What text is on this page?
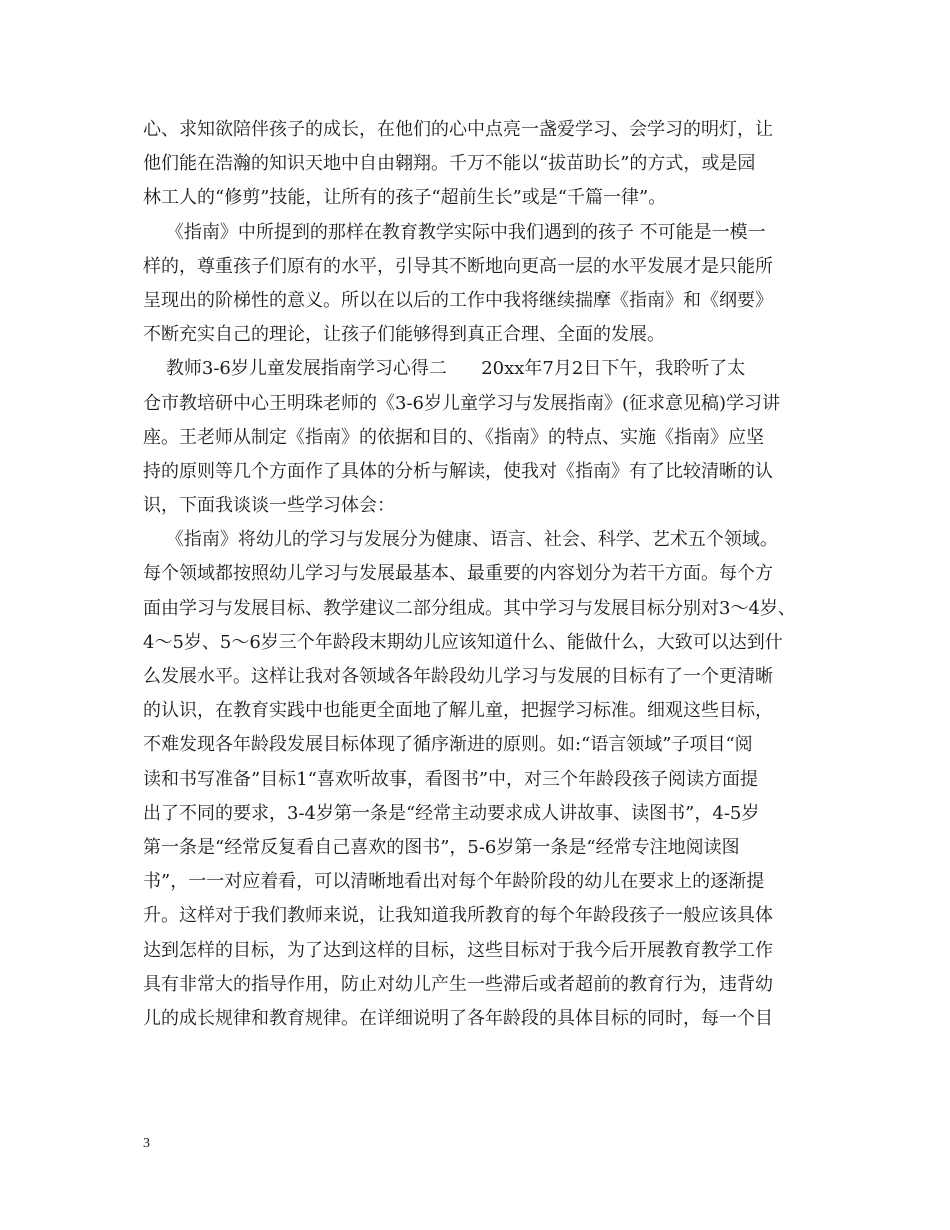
心、求知欲陪伴孩子的成长，在他们的心中点亮一盏爱学习、会学习的明灯，让

他们能在浩瀚的知识天地中自由翱翔。千万不能以“拔苗助长”的方式，或是园

林工人的“修剪”技能，让所有的孩子“超前生长”或是“千篇一律”。

《指南》中所提到的那样在教育教学实际中我们遇到的孩子 不可能是一模一

样的，尊重孩子们原有的水平，引导其不断地向更高一层的水平发展才是只能所

呈现出的阶梯性的意义。所以在以后的工作中我将继续揣摩《指南》和《纲要》

不断充实自己的理论，让孩子们能够得到真正合理、全面的发展。

教师3-6岁儿童发展指南学习心得二      20xx年7月2日下午，我聆听了太

仓市教培研中心王明珠老师的《3-6岁儿童学习与发展指南》(征求意见稿)学习讲

座。王老师从制定《指南》的依据和目的、《指南》的特点、实施《指南》应坚

持的原则等几个方面作了具体的分析与解读，使我对《指南》有了比较清晰的认

识，下面我谈谈一些学习体会：

《指南》将幼儿的学习与发展分为健康、语言、社会、科学、艺术五个领域。

每个领域都按照幼儿学习与发展最基本、最重要的内容划分为若干方面。每个方

面由学习与发展目标、教学建议二部分组成。其中学习与发展目标分别对3～4岁、

4～5岁、5～6岁三个年龄段末期幼儿应该知道什么、能做什么，大致可以达到什

么发展水平。这样让我对各领域各年龄段幼儿学习与发展的目标有了一个更清晰

的认识，在教育实践中也能更全面地了解儿童，把握学习标准。细观这些目标，

不难发现各年龄段发展目标体现了循序渐进的原则。如:“语言领域”子项目“阅

读和书写准备”目标1“喜欢听故事，看图书”中，对三个年龄段孩子阅读方面提

出了不同的要求，3-4岁第一条是“经常主动要求成人讲故事、读图书”，4-5岁

第一条是“经常反复看自己喜欢的图书”，5-6岁第一条是“经常专注地阅读图

书”，一一对应着看，可以清晰地看出对每个年龄阶段的幼儿在要求上的逐渐提

升。这样对于我们教师来说，让我知道我所教育的每个年龄段孩子一般应该具体

达到怎样的目标，为了达到这样的目标，这些目标对于我今后开展教育教学工作

具有非常大的指导作用，防止对幼儿产生一些滞后或者超前的教育行为，违背幼

儿的成长规律和教育规律。在详细说明了各年龄段的具体目标的同时，每一个目

3
